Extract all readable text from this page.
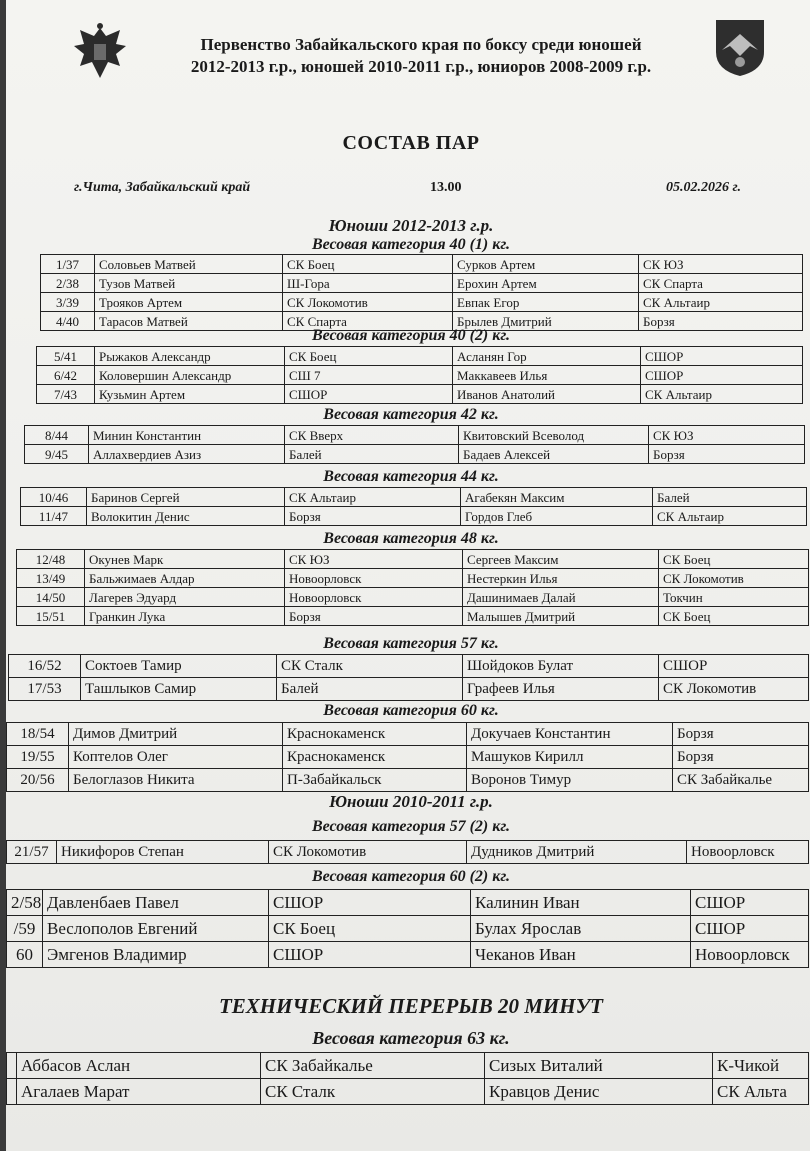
Первенство Забайкальского края по боксу среди юношей
2012-2013 г.р., юношей 2010-2011 г.р., юниоров 2008-2009 г.р.
СОСТАВ ПАР
г.Чита, Забайкальский край	13.00	05.02.2026 г.
Юноши 2012-2013 г.р.
Весовая категория 40 (1) кг.
1/37	Соловьев Матвей	СК Боец	Сурков Артем	СК ЮЗ
2/38	Тузов Матвей	Ш-Гора	Ерохин Артем	СК Спарта
3/39	Трояков Артем	СК Локомотив	Евпак Егор	СК Альтаир
4/40	Тарасов Матвей	СК Спарта	Брылев Дмитрий	Борзя
Весовая категория 40 (2) кг.
5/41	Рыжаков Александр	СК Боец	Асланян Гор	СШОР
6/42	Коловершин Александр	СШ 7	Маккавеев Илья	СШОР
7/43	Кузьмин Артем	СШОР	Иванов Анатолий	СК Альтаир
Весовая категория 42 кг.
8/44	Минин Константин	СК Вверх	Квитовский Всеволод	СК ЮЗ
9/45	Аллахвердиев Азиз	Балей	Бадаев Алексей	Борзя
Весовая категория 44 кг.
10/46	Баринов Сергей	СК Альтаир	Агабекян Максим	Балей
11/47	Волокитин Денис	Борзя	Гордов Глеб	СК Альтаир
Весовая категория 48 кг.
12/48	Окунев Марк	СК ЮЗ	Сергеев Максим	СК Боец
13/49	Бальжимаев Алдар	Новоорловск	Нестеркин Илья	СК Локомотив
14/50	Лагерев Эдуард	Новоорловск	Дашинимаев Далай	Токчин
15/51	Гранкин Лука	Борзя	Малышев Дмитрий	СК Боец
Весовая категория 57 кг.
16/52	Соктоев Тамир	СК Сталк	Шойдоков Булат	СШОР
17/53	Ташлыков Самир	Балей	Графеев Илья	СК Локомотив
Весовая категория 60 кг.
18/54	Димов Дмитрий	Краснокаменск	Докучаев Константин	Борзя
19/55	Коптелов Олег	Краснокаменск	Машуков Кирилл	Борзя
20/56	Белоглазов Никита	П-Забайкальск	Воронов Тимур	СК Забайкалье
Юноши 2010-2011 г.р.
Весовая категория 57 (2) кг.
21/57	Никифоров Степан	СК Локомотив	Дудников Дмитрий	Новоорловск
Весовая категория 60 (2) кг.
2/58	Давленбаев Павел	СШОР	Калинин Иван	СШОР
/59	Веслополов Евгений	СК Боец	Булах Ярослав	СШОР
60	Эмгенов Владимир	СШОР	Чеканов Иван	Новоорловск
ТЕХНИЧЕСКИЙ ПЕРЕРЫВ 20 МИНУТ
Весовая категория 63 кг.
	Аббасов Аслан	СК Забайкалье	Сизых Виталий	К-Чикой
	Агалаев Марат	СК Сталк	Кравцов Денис	СК Альта
